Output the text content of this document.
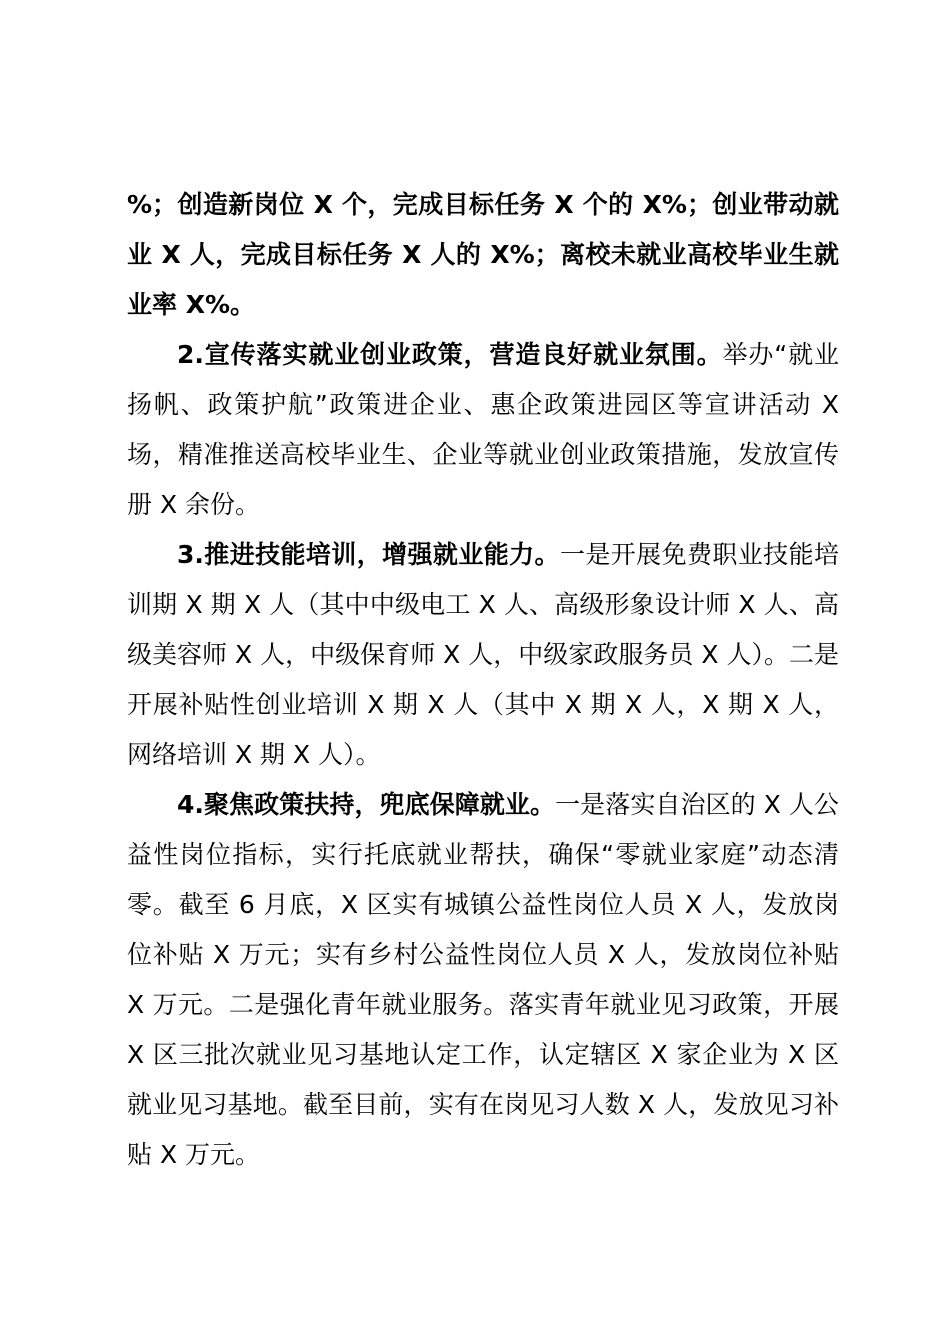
%；创造新岗位 X 个，完成目标任务 X 个的 X%；创业带动就业 X 人，完成目标任务 X 人的 X%；离校未就业高校毕业生就业率 X%。

2.宣传落实就业创业政策，营造良好就业氛围。举办“就业扬帆、政策护航”政策进企业、惠企政策进园区等宣讲活动 X 场，精准推送高校毕业生、企业等就业创业政策措施，发放宣传册 X 余份。

3.推进技能培训，增强就业能力。一是开展免费职业技能培训期 X 期 X 人（其中中级电工 X 人、高级形象设计师 X 人、高级美容师 X 人，中级保育师 X 人，中级家政服务员 X 人）。二是开展补贴性创业培训 X 期 X 人（其中 X 期 X 人，X 期 X 人，网络培训 X 期 X 人）。

4.聚焦政策扶持，兜底保障就业。一是落实自治区的 X 人公益性岗位指标，实行托底就业帮扶，确保“零就业家庭”动态清零。截至 6 月底，X 区实有城镇公益性岗位人员 X 人，发放岗位补贴 X 万元；实有乡村公益性岗位人员 X 人，发放岗位补贴 X 万元。二是强化青年就业服务。落实青年就业见习政策，开展 X 区三批次就业见习基地认定工作，认定辖区 X 家企业为 X 区就业见习基地。截至目前，实有在岗见习人数 X 人，发放见习补贴 X 万元。
